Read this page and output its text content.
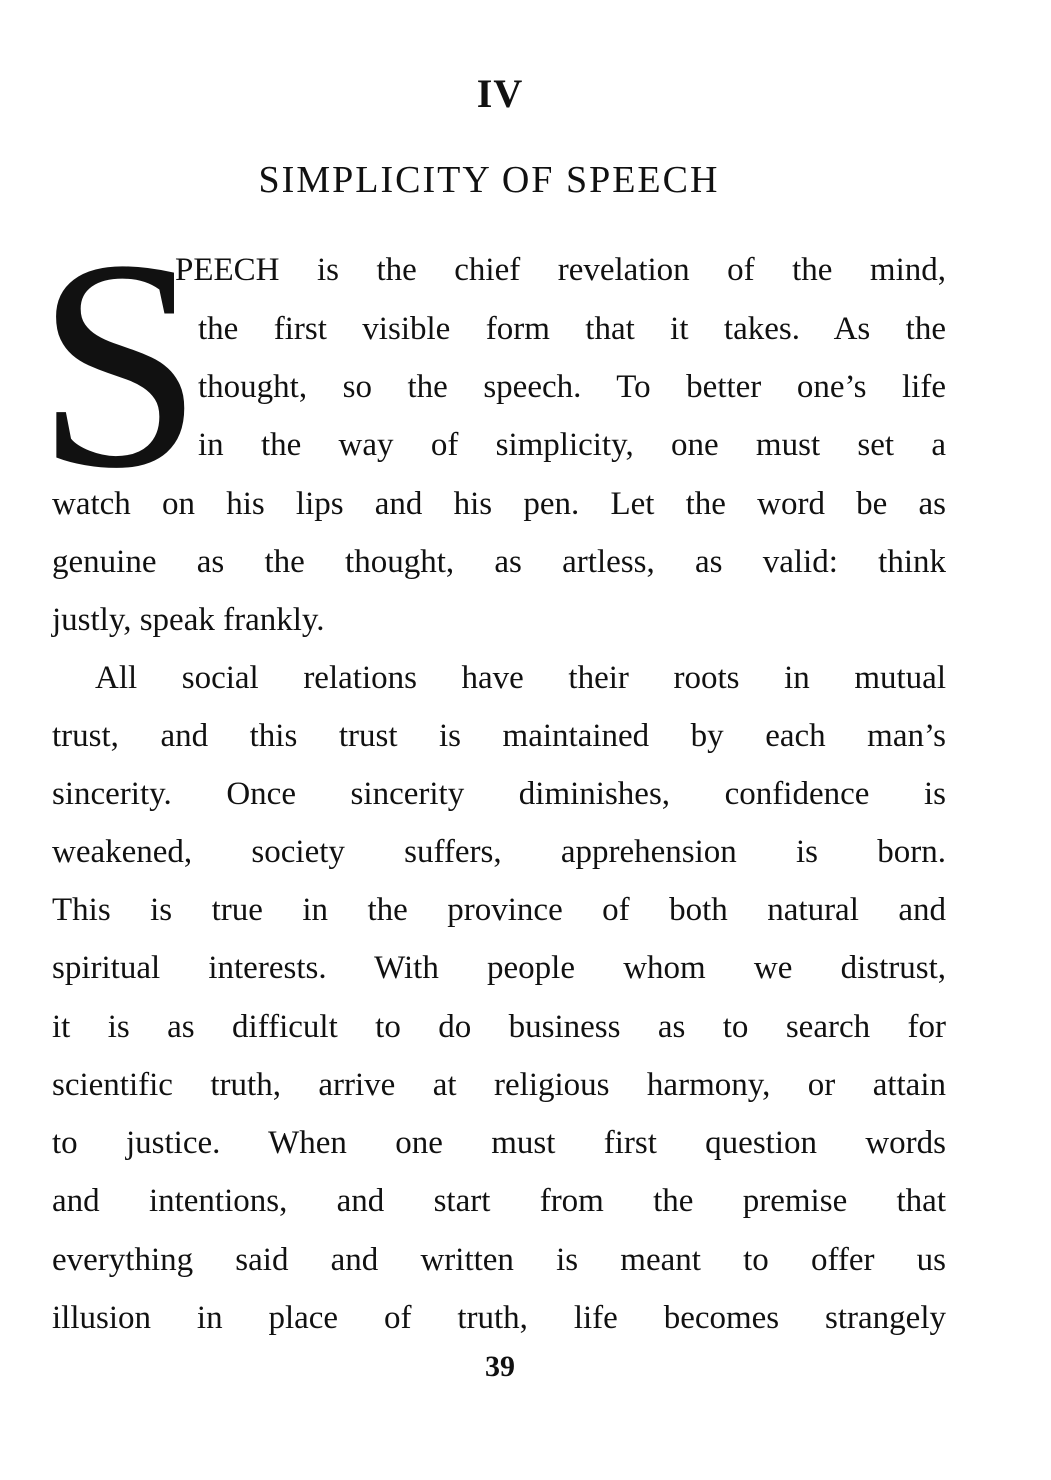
IV
SIMPLICITY OF SPEECH
S
PEECH is the chief revelation of the mind,
the first visible form that it takes. As the
thought, so the speech. To better one’s life
in the way of simplicity, one must set a
watch on his lips and his pen. Let the word be as
genuine as the thought, as artless, as valid: think
justly, speak frankly.
All social relations have their roots in mutual
trust, and this trust is maintained by each man’s
sincerity. Once sincerity diminishes, confidence is
weakened, society suffers, apprehension is born.
This is true in the province of both natural and
spiritual interests. With people whom we distrust,
it is as difficult to do business as to search for
scientific truth, arrive at religious harmony, or attain
to justice. When one must first question words
and intentions, and start from the premise that
everything said and written is meant to offer us
illusion in place of truth, life becomes strangely
39
